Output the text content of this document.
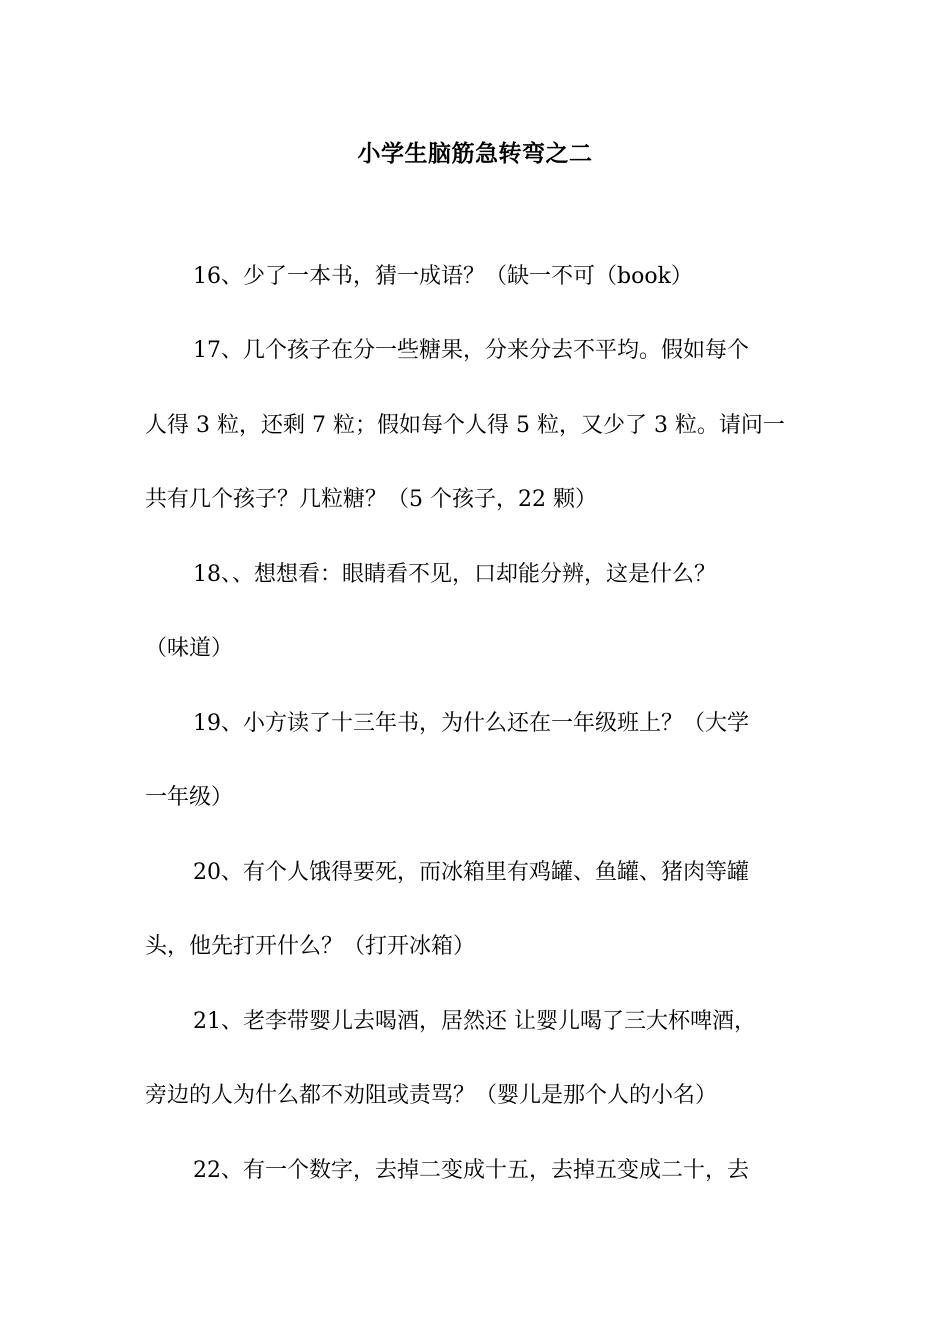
小学生脑筋急转弯之二
16、少了一本书，猜一成语？（缺一不可（book）
17、几个孩子在分一些糖果，分来分去不平均。假如每个
人得 3 粒，还剩 7 粒；假如每个人得 5 粒，又少了 3 粒。请问一
共有几个孩子？几粒糖？（5 个孩子，22 颗）
18、、想想看：眼睛看不见，口却能分辨，这是什么？
（味道）
19、小方读了十三年书，为什么还在一年级班上？（大学
一年级）
20、有个人饿得要死，而冰箱里有鸡罐、鱼罐、猪肉等罐
头，他先打开什么？（打开冰箱）
21、老李带婴儿去喝酒，居然还 让婴儿喝了三大杯啤酒，
旁边的人为什么都不劝阻或责骂？（婴儿是那个人的小名）
22、有一个数字，去掉二变成十五，去掉五变成二十，去
